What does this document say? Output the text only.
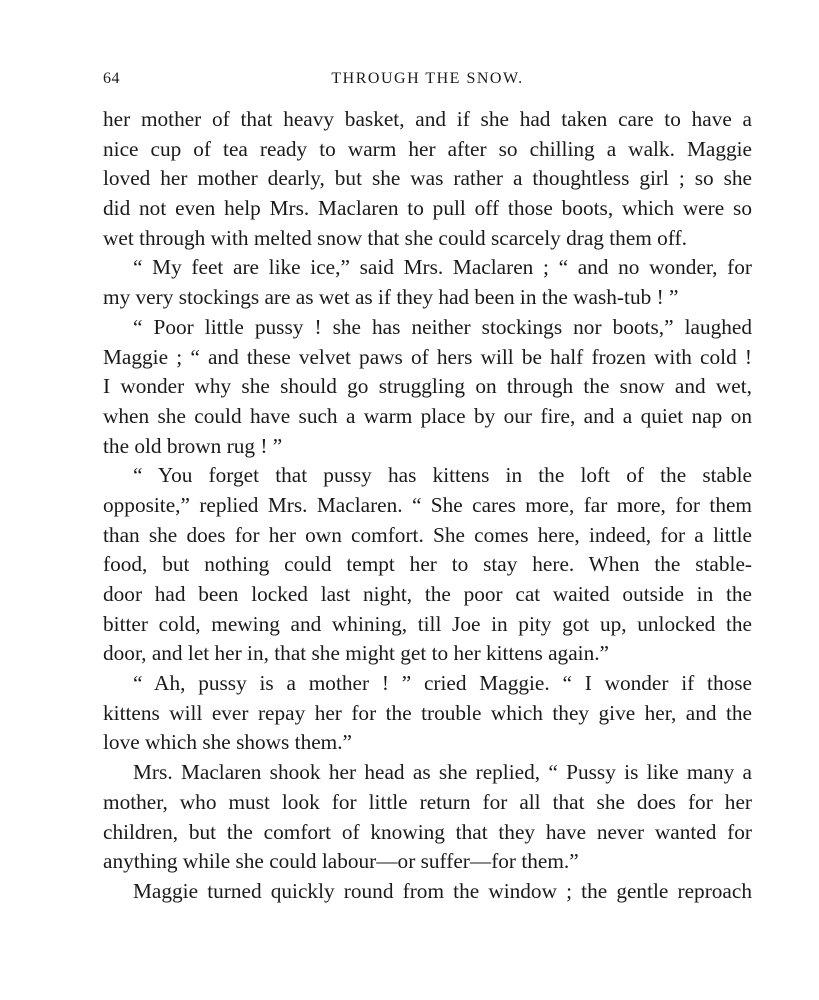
64	THROUGH THE SNOW.
her mother of that heavy basket, and if she had taken care to have a
nice cup of tea ready to warm her after so chilling a walk. Maggie
loved her mother dearly, but she was rather a thoughtless girl ; so she
did not even help Mrs. Maclaren to pull off those boots, which were so
wet through with melted snow that she could scarcely drag them off.
“ My feet are like ice,” said Mrs. Maclaren ; “ and no wonder, for
my very stockings are as wet as if they had been in the wash-tub ! ”
“ Poor little pussy ! she has neither stockings nor boots,” laughed
Maggie ; “ and these velvet paws of hers will be half frozen with cold !
I wonder why she should go struggling on through the snow and wet,
when she could have such a warm place by our fire, and a quiet nap on
the old brown rug ! ”
“ You forget that pussy has kittens in the loft of the stable
opposite,” replied Mrs. Maclaren. “ She cares more, far more, for them
than she does for her own comfort. She comes here, indeed, for a little
food, but nothing could tempt her to stay here. When the stable-
door had been locked last night, the poor cat waited outside in the
bitter cold, mewing and whining, till Joe in pity got up, unlocked the
door, and let her in, that she might get to her kittens again.”
“ Ah, pussy is a mother ! ” cried Maggie. “ I wonder if those
kittens will ever repay her for the trouble which they give her, and the
love which she shows them.”
Mrs. Maclaren shook her head as she replied, “ Pussy is like many a
mother, who must look for little return for all that she does for her
children, but the comfort of knowing that they have never wanted for
anything while she could labour—or suffer—for them.”
Maggie turned quickly round from the window ; the gentle reproach
